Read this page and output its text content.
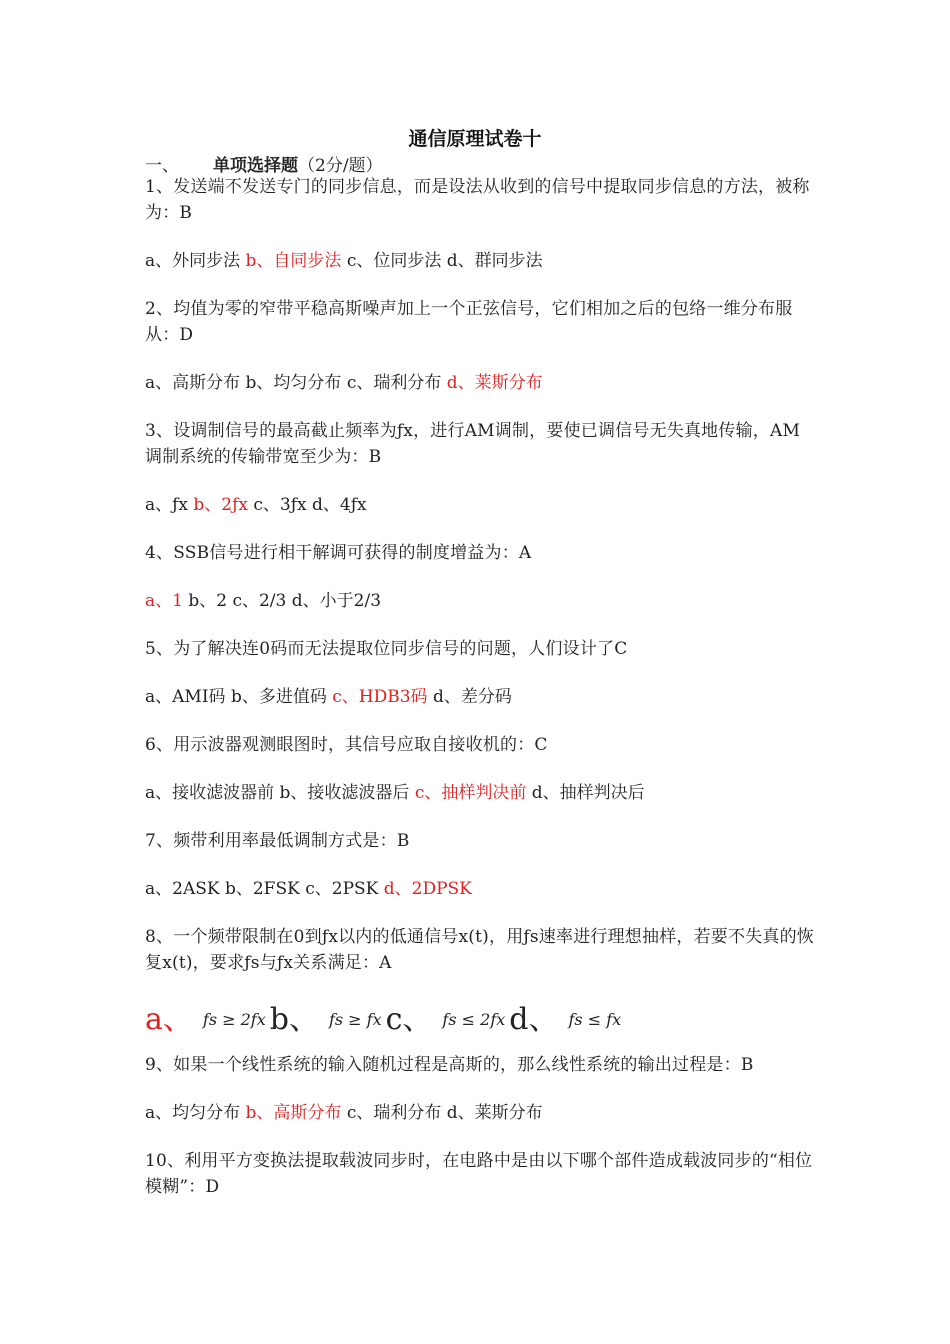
通信原理试卷十
一、 单项选择题（2分/题）

1、发送端不发送专门的同步信息，而是设法从收到的信号中提取同步信息的方法，被称为：B

a、外同步法 b、自同步法 c、位同步法 d、群同步法

2、均值为零的窄带平稳高斯噪声加上一个正弦信号，它们相加之后的包络一维分布服从：D

a、高斯分布 b、均匀分布 c、瑞利分布 d、莱斯分布

3、设调制信号的最高截止频率为ƒx，进行AM调制，要使已调信号无失真地传输，AM调制系统的传输带宽至少为：B

a、ƒx b、2ƒx c、3ƒx d、4ƒx

4、SSB信号进行相干解调可获得的制度增益为：A

a、1 b、2 c、2/3 d、小于2/3

5、为了解决连0码而无法提取位同步信号的问题，人们设计了C

a、AMI码 b、多进值码 c、HDB3码 d、差分码

6、用示波器观测眼图时，其信号应取自接收机的：C

a、接收滤波器前 b、接收滤波器后 c、抽样判决前 d、抽样判决后

7、频带利用率最低调制方式是：B

a、2ASK b、2FSK c、2PSK d、2DPSK

8、一个频带限制在0到ƒx以内的低通信号x(t)，用ƒs速率进行理想抽样，若要不失真的恢复x(t)，要求ƒs与ƒx关系满足：A

a、 fs ≥ 2fx b、 fs ≥ fx c、 fs ≤ 2fx d、 fs ≤ fx

9、如果一个线性系统的输入随机过程是高斯的，那么线性系统的输出过程是：B

a、均匀分布 b、高斯分布 c、瑞利分布 d、莱斯分布

10、利用平方变换法提取载波同步时，在电路中是由以下哪个部件造成载波同步的“相位模糊”：D
